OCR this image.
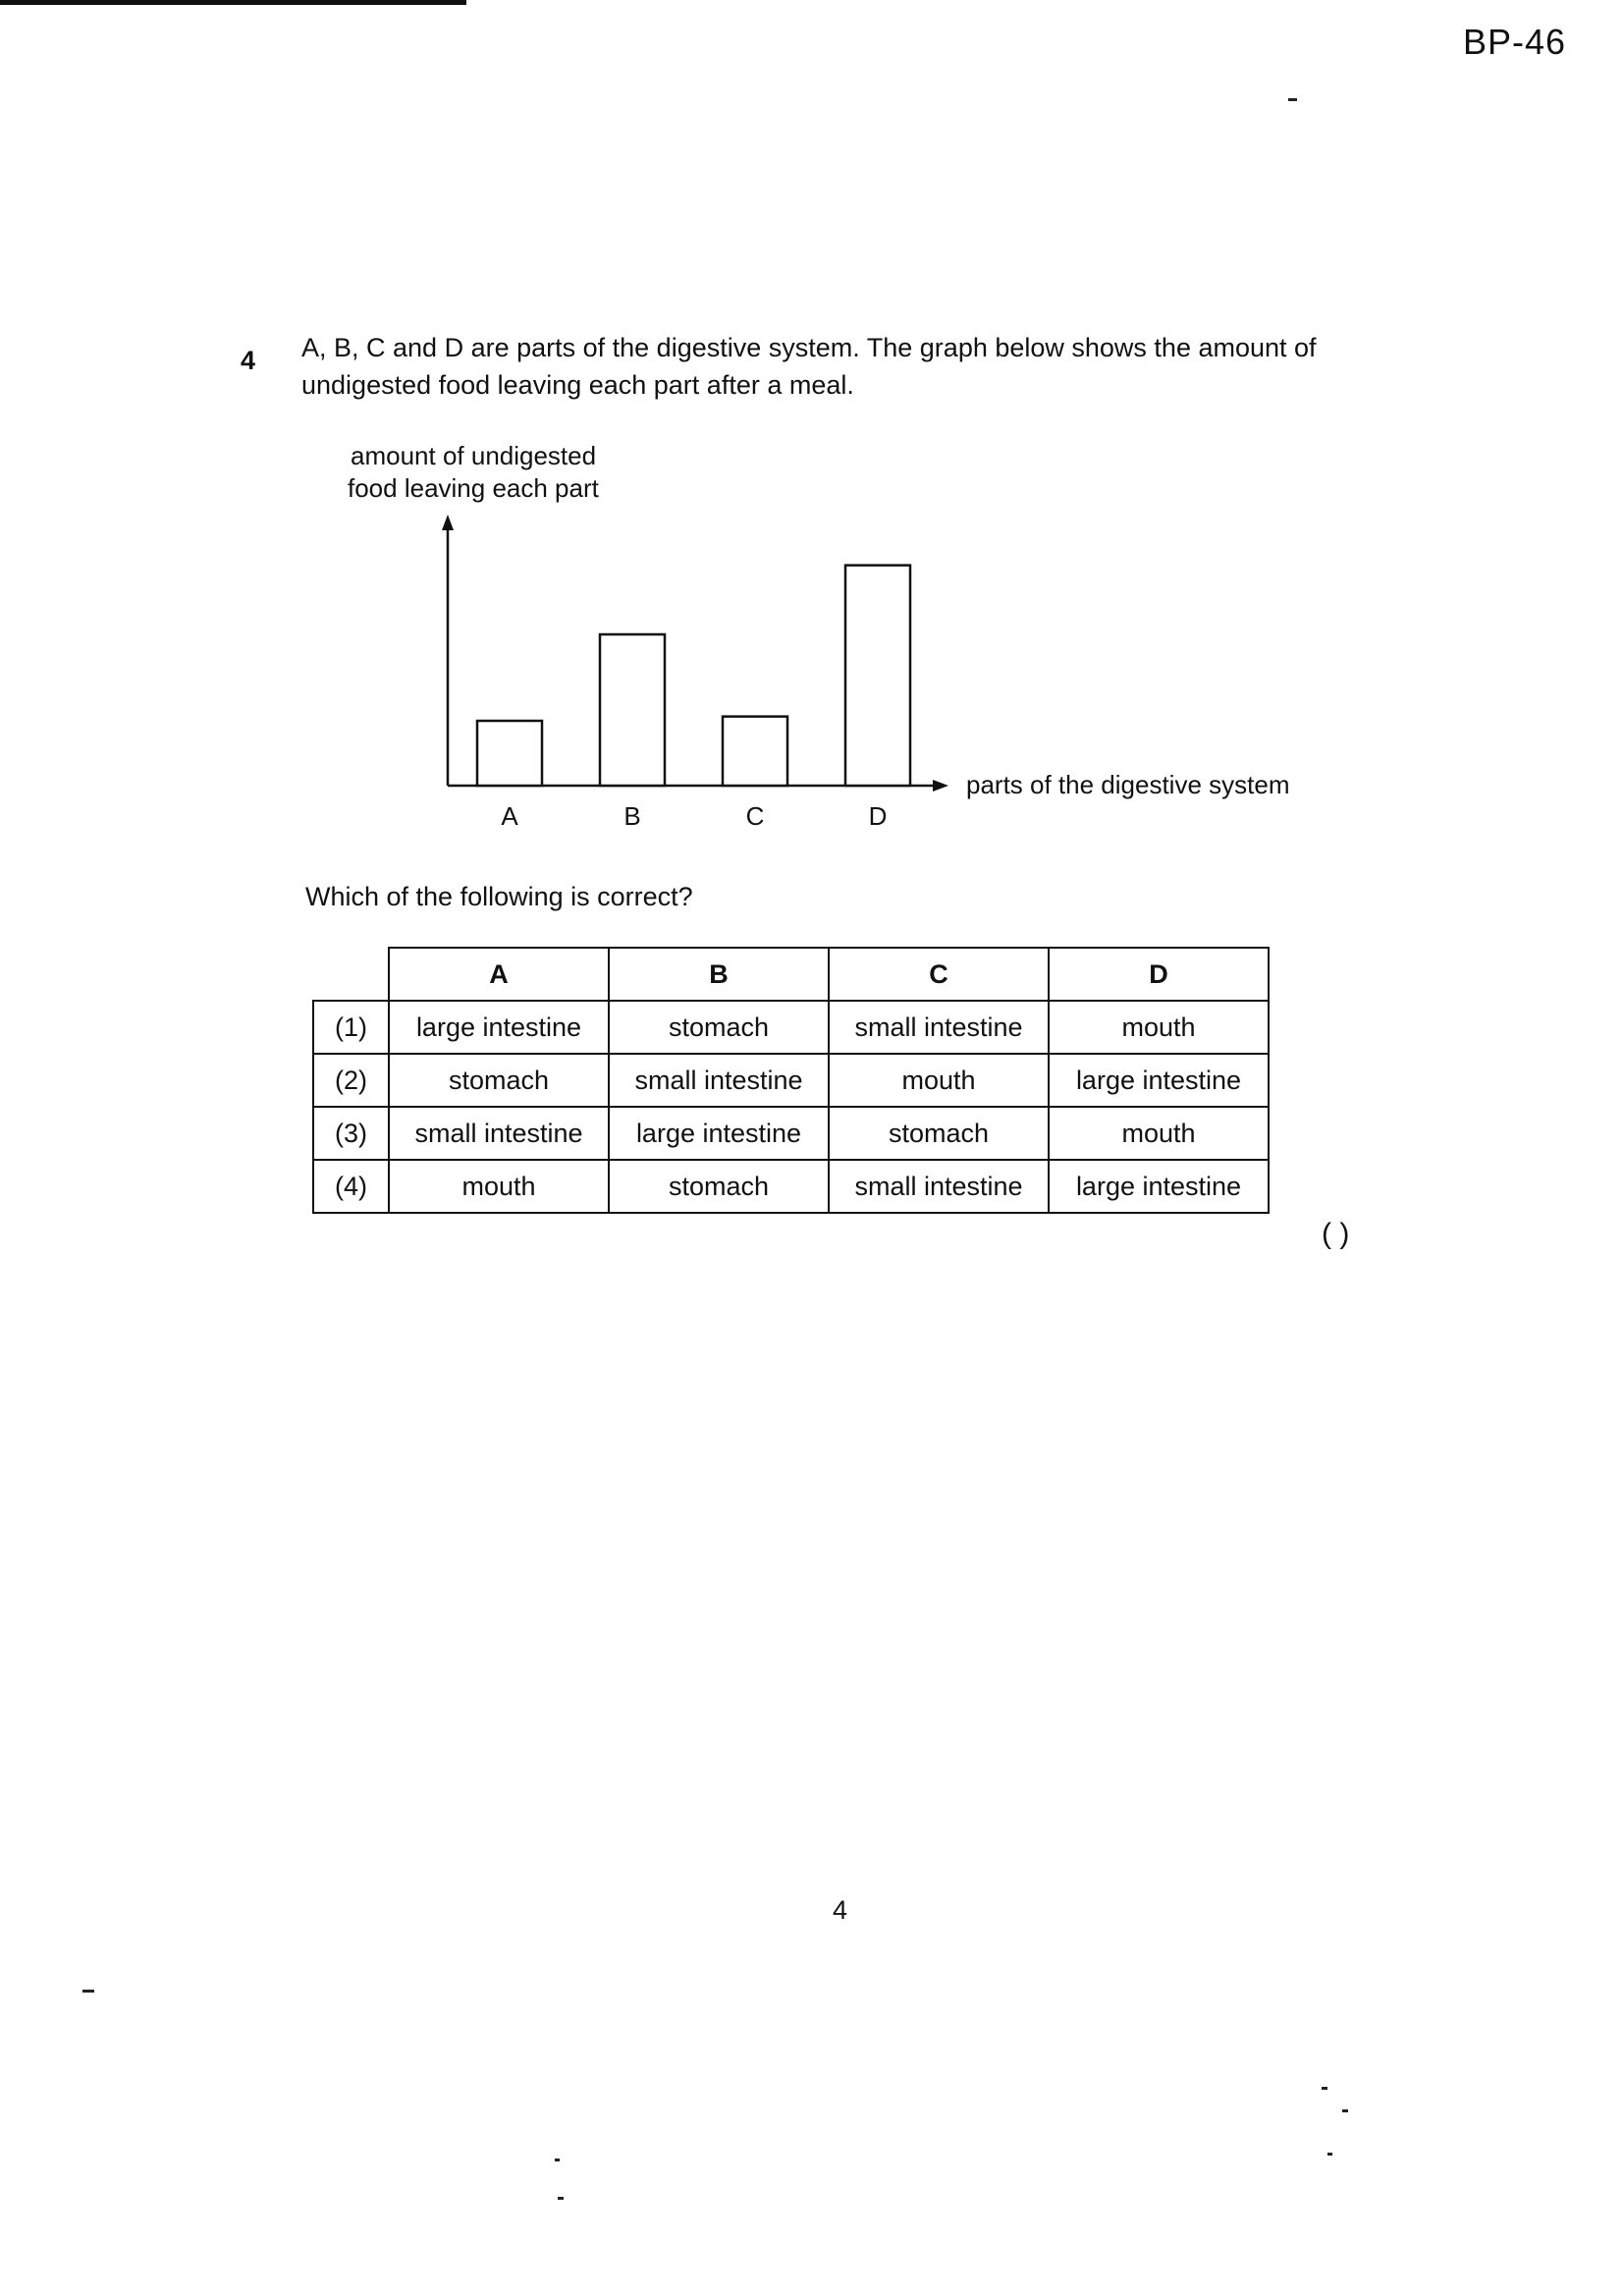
BP-46
4 A, B, C and D are parts of the digestive system. The graph below shows the amount of undigested food leaving each part after a meal.
amount of undigested
food leaving each part
parts of the digestive system
A	B	C	D
Which of the following is correct?
	A	B	C	D
(1)	large intestine	stomach	small intestine	mouth
(2)	stomach	small intestine	mouth	large intestine
(3)	small intestine	large intestine	stomach	mouth
(4)	mouth	stomach	small intestine	large intestine
( )
4
